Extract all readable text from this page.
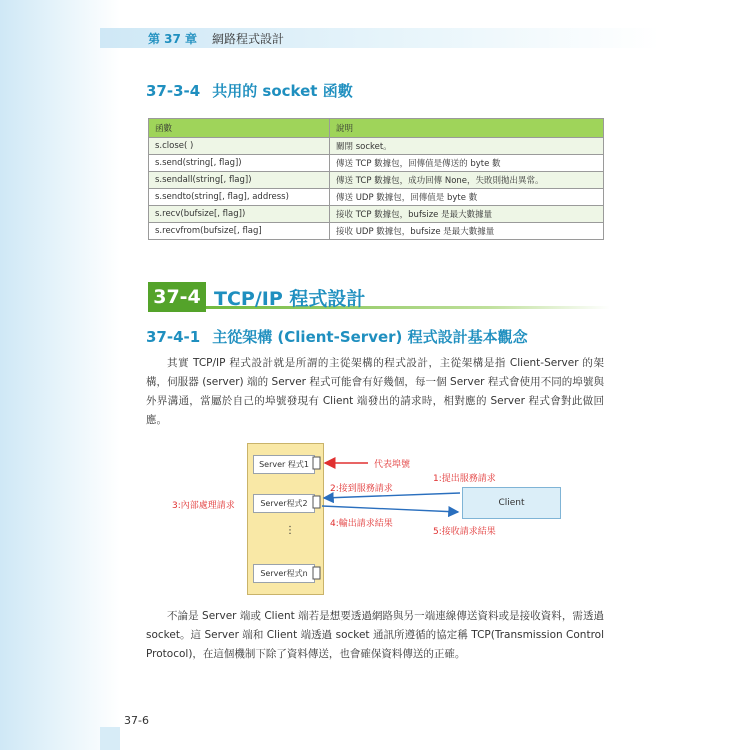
第 37 章 網路程式設計
37-3-4 共用的 socket 函數
函數	說明
s.close( )	關閉 socket。
s.send(string[, flag])	傳送 TCP 數據包，回傳值是傳送的 byte 數
s.sendall(string[, flag])	傳送 TCP 數據包，成功回傳 None，失敗則拋出異常。
s.sendto(string[, flag], address)	傳送 UDP 數據包，回傳值是 byte 數
s.recv(bufsize[, flag])	接收 TCP 數據包，bufsize 是最大數據量
s.recvfrom(bufsize[, flag]	接收 UDP 數據包，bufsize 是最大數據量
37-4 TCP/IP 程式設計
37-4-1 主從架構 (Client-Server) 程式設計基本觀念

其實 TCP/IP 程式設計就是所謂的主從架構的程式設計，主從架構是指 Client-Server 的架構，伺服器 (server) 端的 Server 程式可能會有好幾個，每一個 Server 程式會使用不同的埠號與外界溝通，當屬於自己的埠號發現有 Client 端發出的請求時，相對應的 Server 程式會對此做回應。

Server 程式1
Server程式2
⋮
Server程式n
Client
代表埠號
1:提出服務請求
2:接到服務請求
3:內部處理請求
4:輸出請求結果
5:接收請求結果

不論是 Server 端或 Client 端若是想要透過網路與另一端連線傳送資料或是接收資料，需透過 socket。這 Server 端和 Client 端透過 socket 通訊所遵循的協定稱 TCP(Transmission Control Protocol)，在這個機制下除了資料傳送，也會確保資料傳送的正確。

37-6
